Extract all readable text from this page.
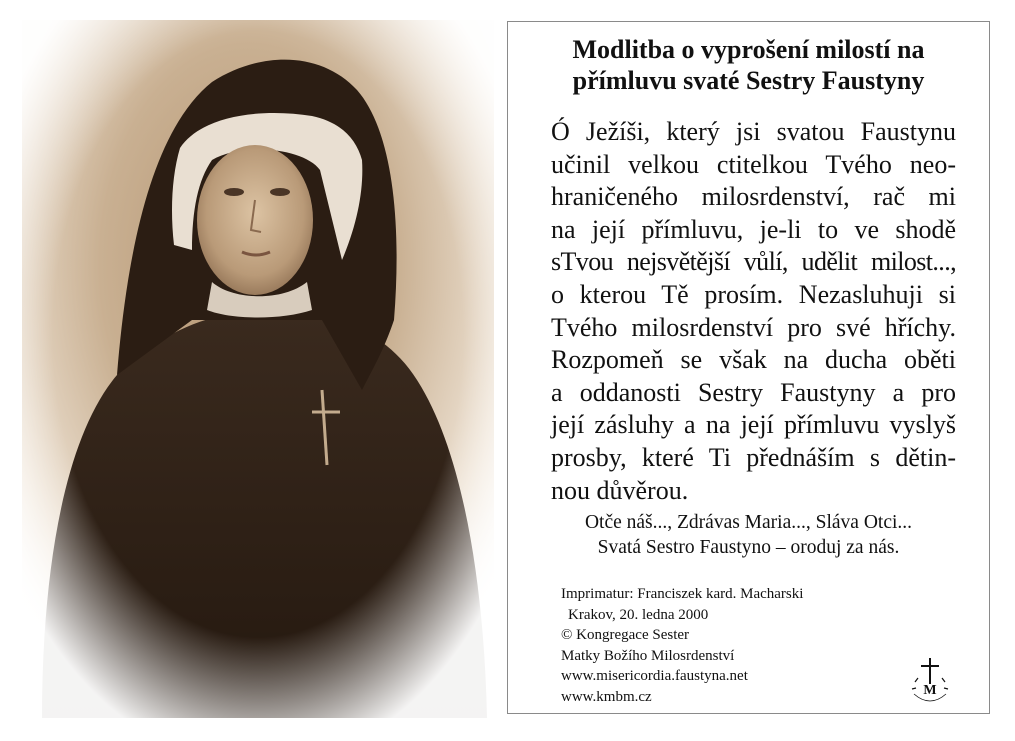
Modlitba o vyprošení milostí na
přímluvu svaté Sestry Faustyny
Ó Ježíši, který jsi svatou Faustynu
učinil velkou ctitelkou Tvého neo-
hraničeného milosrdenství, rač mi
na její přímluvu, je-li to ve shodě
sTvou nejsvětější vůlí, udělit milost...,
o kterou Tě prosím. Nezasluhuji si
Tvého milosrdenství pro své hříchy.
Rozpomeň se však na ducha oběti
a oddanosti Sestry Faustyny a pro
její zásluhy a na její přímluvu vyslyš
prosby, které Ti přednáším s dětin-
nou důvěrou.
Otče náš..., Zdrávas Maria..., Sláva Otci...
Svatá Sestro Faustyno – oroduj za nás.
Imprimatur: Franciszek kard. Macharski
Krakov, 20. ledna 2000
© Kongregace Sester
Matky Božího Milosrdenství
www.misericordia.faustyna.net
www.kmbm.cz	M
